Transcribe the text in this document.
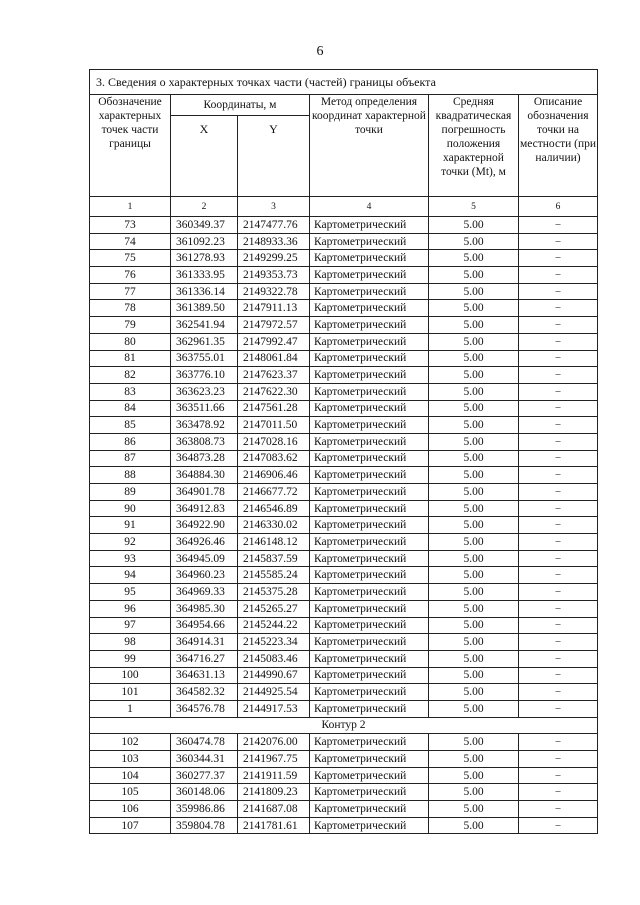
6
3. Сведения о характерных точках части (частей) границы объекта					
Обозначение характерных точек части границы	Координаты, м		Метод определения координат характерной точки	Средняя квадратическая погрешность положения характерной точки (Mt), м	Описание обозначения точки на местности (при наличии)
	X	Y			
1	2	3	4	5	6
73	360349.37	2147477.76	Картометрический	5.00	–
74	361092.23	2148933.36	Картометрический	5.00	–
75	361278.93	2149299.25	Картометрический	5.00	–
76	361333.95	2149353.73	Картометрический	5.00	–
77	361336.14	2149322.78	Картометрический	5.00	–
78	361389.50	2147911.13	Картометрический	5.00	–
79	362541.94	2147972.57	Картометрический	5.00	–
80	362961.35	2147992.47	Картометрический	5.00	–
81	363755.01	2148061.84	Картометрический	5.00	–
82	363776.10	2147623.37	Картометрический	5.00	–
83	363623.23	2147622.30	Картометрический	5.00	–
84	363511.66	2147561.28	Картометрический	5.00	–
85	363478.92	2147011.50	Картометрический	5.00	–
86	363808.73	2147028.16	Картометрический	5.00	–
87	364873.28	2147083.62	Картометрический	5.00	–
88	364884.30	2146906.46	Картометрический	5.00	–
89	364901.78	2146677.72	Картометрический	5.00	–
90	364912.83	2146546.89	Картометрический	5.00	–
91	364922.90	2146330.02	Картометрический	5.00	–
92	364926.46	2146148.12	Картометрический	5.00	–
93	364945.09	2145837.59	Картометрический	5.00	–
94	364960.23	2145585.24	Картометрический	5.00	–
95	364969.33	2145375.28	Картометрический	5.00	–
96	364985.30	2145265.27	Картометрический	5.00	–
97	364954.66	2145244.22	Картометрический	5.00	–
98	364914.31	2145223.34	Картометрический	5.00	–
99	364716.27	2145083.46	Картометрический	5.00	–
100	364631.13	2144990.67	Картометрический	5.00	–
101	364582.32	2144925.54	Картометрический	5.00	–
1	364576.78	2144917.53	Картометрический	5.00	–
Контур 2					
102	360474.78	2142076.00	Картометрический	5.00	–
103	360344.31	2141967.75	Картометрический	5.00	–
104	360277.37	2141911.59	Картометрический	5.00	–
105	360148.06	2141809.23	Картометрический	5.00	–
106	359986.86	2141687.08	Картометрический	5.00	–
107	359804.78	2141781.61	Картометрический	5.00	–
